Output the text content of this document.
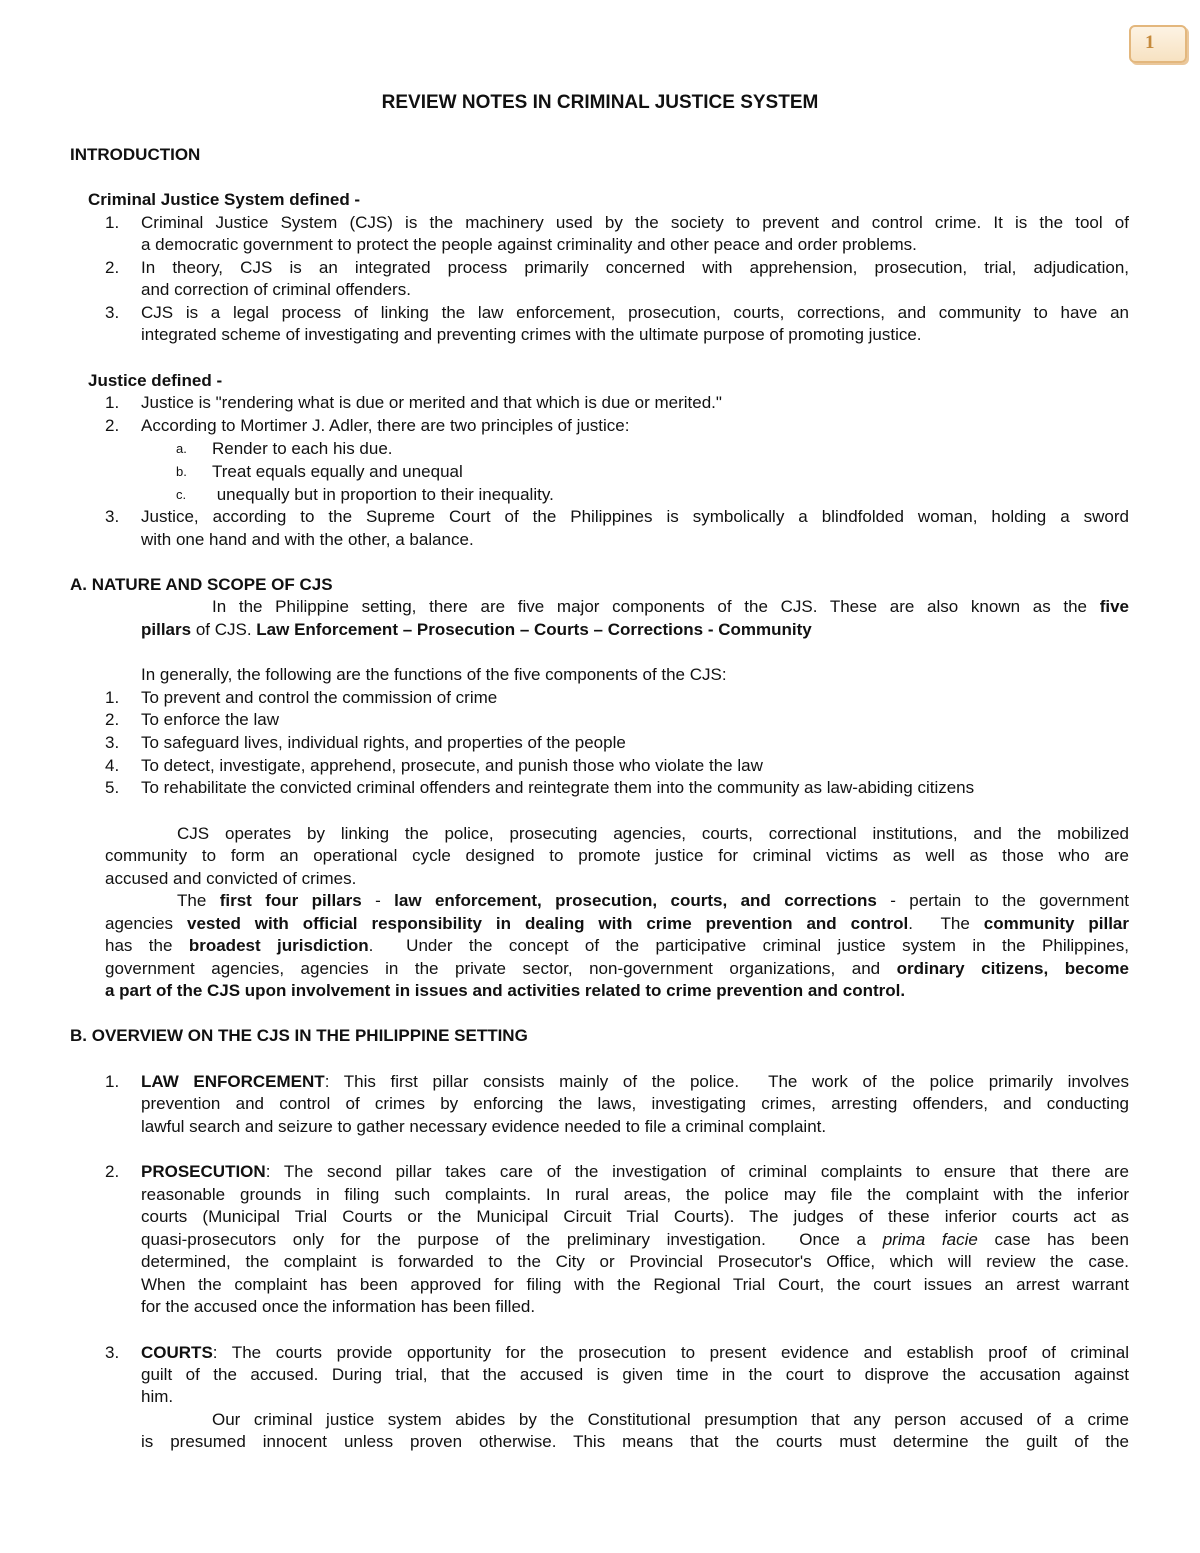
1
REVIEW NOTES IN CRIMINAL JUSTICE SYSTEM
INTRODUCTION
Criminal Justice System defined -
1. Criminal Justice System (CJS) is the machinery used by the society to prevent and control crime. It is the tool of
a democratic government to protect the people against criminality and other peace and order problems.
2. In theory, CJS is an integrated process primarily concerned with apprehension, prosecution, trial, adjudication,
and correction of criminal offenders.
3. CJS is a legal process of linking the law enforcement, prosecution, courts, corrections, and community to have an
integrated scheme of investigating and preventing crimes with the ultimate purpose of promoting justice.
Justice defined -
1. Justice is "rendering what is due or merited and that which is due or merited."
2. According to Mortimer J. Adler, there are two principles of justice:
a. Render to each his due.
b. Treat equals equally and unequal
c. unequally but in proportion to their inequality.
3. Justice, according to the Supreme Court of the Philippines is symbolically a blindfolded woman, holding a sword
with one hand and with the other, a balance.
A. NATURE AND SCOPE OF CJS
In the Philippine setting, there are five major components of the CJS. These are also known as the five
pillars of CJS. Law Enforcement – Prosecution – Courts – Corrections - Community
In generally, the following are the functions of the five components of the CJS:
1. To prevent and control the commission of crime
2. To enforce the law
3. To safeguard lives, individual rights, and properties of the people
4. To detect, investigate, apprehend, prosecute, and punish those who violate the law
5. To rehabilitate the convicted criminal offenders and reintegrate them into the community as law-abiding citizens
CJS operates by linking the police, prosecuting agencies, courts, correctional institutions, and the mobilized
community to form an operational cycle designed to promote justice for criminal victims as well as those who are
accused and convicted of crimes.
The first four pillars - law enforcement, prosecution, courts, and corrections - pertain to the government
agencies vested with official responsibility in dealing with crime prevention and control.  The community pillar
has the broadest jurisdiction.  Under the concept of the participative criminal justice system in the Philippines,
government agencies, agencies in the private sector, non-government organizations, and ordinary citizens, become
a part of the CJS upon involvement in issues and activities related to crime prevention and control.
B. OVERVIEW ON THE CJS IN THE PHILIPPINE SETTING
1. LAW ENFORCEMENT: This first pillar consists mainly of the police.  The work of the police primarily involves
prevention and control of crimes by enforcing the laws, investigating crimes, arresting offenders, and conducting
lawful search and seizure to gather necessary evidence needed to file a criminal complaint.
2. PROSECUTION: The second pillar takes care of the investigation of criminal complaints to ensure that there are
reasonable grounds in filing such complaints. In rural areas, the police may file the complaint with the inferior
courts (Municipal Trial Courts or the Municipal Circuit Trial Courts). The judges of these inferior courts act as
quasi-prosecutors only for the purpose of the preliminary investigation.  Once a prima facie case has been
determined, the complaint is forwarded to the City or Provincial Prosecutor's Office, which will review the case.
When the complaint has been approved for filing with the Regional Trial Court, the court issues an arrest warrant
for the accused once the information has been filled.
3. COURTS: The courts provide opportunity for the prosecution to present evidence and establish proof of criminal
guilt of the accused. During trial, that the accused is given time in the court to disprove the accusation against
him.
Our criminal justice system abides by the Constitutional presumption that any person accused of a crime
is presumed innocent unless proven otherwise. This means that the courts must determine the guilt of the
